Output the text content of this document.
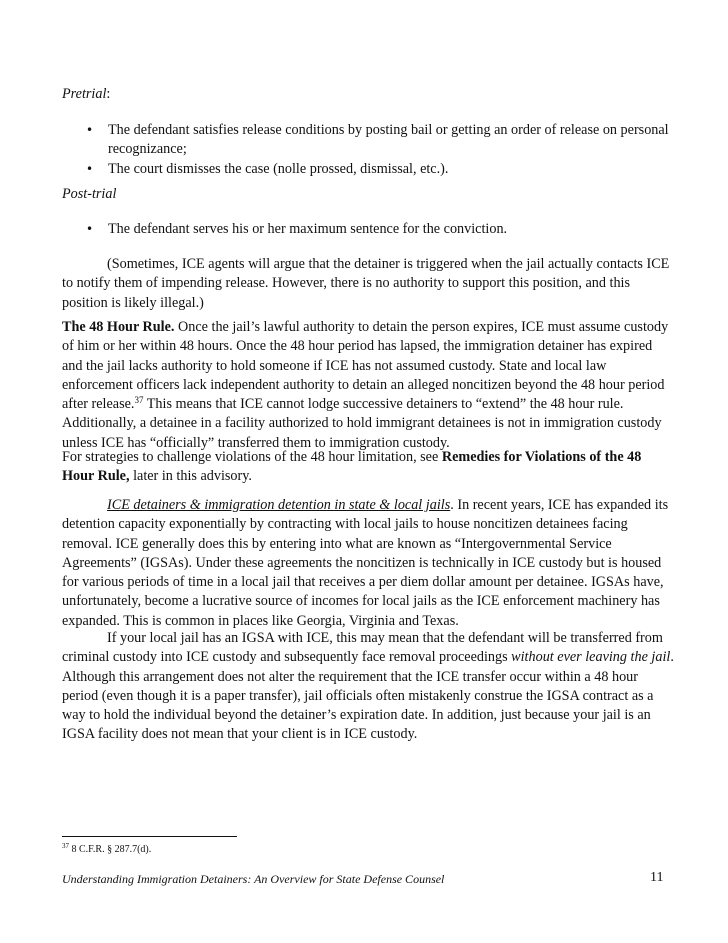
Pretrial:

• The defendant satisfies release conditions by posting bail or getting an order of release on personal recognizance;
• The court dismisses the case (nolle prossed, dismissal, etc.).

Post-trial

• The defendant serves his or her maximum sentence for the conviction.

(Sometimes, ICE agents will argue that the detainer is triggered when the jail actually contacts ICE to notify them of impending release. However, there is no authority to support this position, and this position is likely illegal.)

The 48 Hour Rule. Once the jail’s lawful authority to detain the person expires, ICE must assume custody of him or her within 48 hours. Once the 48 hour period has lapsed, the immigration detainer has expired and the jail lacks authority to hold someone if ICE has not assumed custody. State and local law enforcement officers lack independent authority to detain an alleged noncitizen beyond the 48 hour period after release.$^{37}$ This means that ICE cannot lodge successive detainers to “extend” the 48 hour rule. Additionally, a detainee in a facility authorized to hold immigrant detainees is not in immigration custody unless ICE has “officially” transferred them to immigration custody.

For strategies to challenge violations of the 48 hour limitation, see Remedies for Violations of the 48 Hour Rule, later in this advisory.

ICE detainers & immigration detention in state & local jails. In recent years, ICE has expanded its detention capacity exponentially by contracting with local jails to house noncitizen detainees facing removal. ICE generally does this by entering into what are known as “Intergovernmental Service Agreements” (IGSAs). Under these agreements the noncitizen is technically in ICE custody but is housed for various periods of time in a local jail that receives a per diem dollar amount per detainee. IGSAs have, unfortunately, become a lucrative source of incomes for local jails as the ICE enforcement machinery has expanded. This is common in places like Georgia, Virginia and Texas.

If your local jail has an IGSA with ICE, this may mean that the defendant will be transferred from criminal custody into ICE custody and subsequently face removal proceedings without ever leaving the jail. Although this arrangement does not alter the requirement that the ICE transfer occur within a 48 hour period (even though it is a paper transfer), jail officials often mistakenly construe the IGSA contract as a way to hold the individual beyond the detainer’s expiration date. In addition, just because your jail is an IGSA facility does not mean that your client is in ICE custody.

$^{37}$ 8 C.F.R. § 287.7(d).
Understanding Immigration Detainers: An Overview for State Defense Counsel	11
